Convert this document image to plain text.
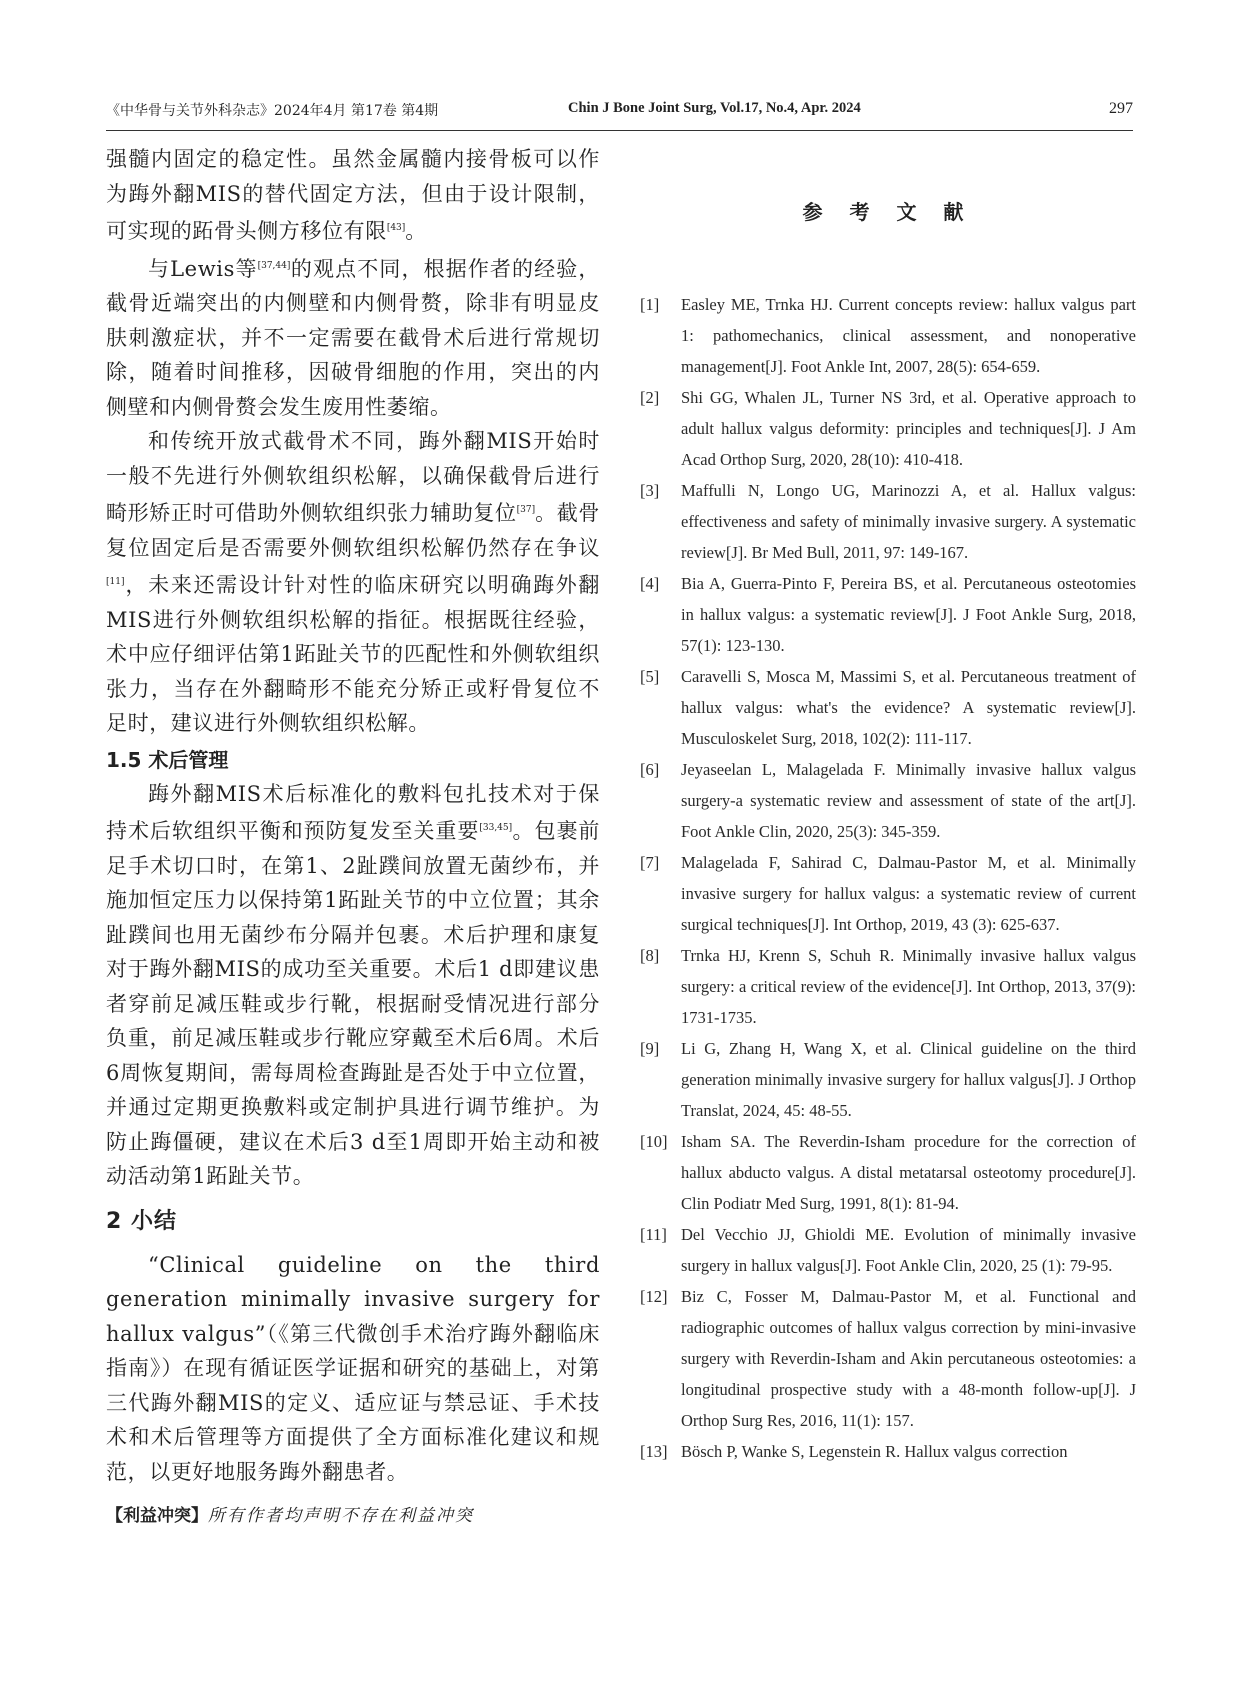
《中华骨与关节外科杂志》2024年4月 第17卷 第4期	Chin J Bone Joint Surg, Vol.17, No.4, Apr. 2024	297

强髓内固定的稳定性。虽然金属髓内接骨板可以作为踇外翻MIS的替代固定方法，但由于设计限制，可实现的跖骨头侧方移位有限[43]。

与Lewis等[37,44]的观点不同，根据作者的经验，截骨近端突出的内侧壁和内侧骨赘，除非有明显皮肤刺激症状，并不一定需要在截骨术后进行常规切除，随着时间推移，因破骨细胞的作用，突出的内侧壁和内侧骨赘会发生废用性萎缩。

和传统开放式截骨术不同，踇外翻MIS开始时一般不先进行外侧软组织松解，以确保截骨后进行畸形矫正时可借助外侧软组织张力辅助复位[37]。截骨复位固定后是否需要外侧软组织松解仍然存在争议[11]，未来还需设计针对性的临床研究以明确踇外翻MIS进行外侧软组织松解的指征。根据既往经验，术中应仔细评估第1跖趾关节的匹配性和外侧软组织张力，当存在外翻畸形不能充分矫正或籽骨复位不足时，建议进行外侧软组织松解。

1.5 术后管理

踇外翻MIS术后标准化的敷料包扎技术对于保持术后软组织平衡和预防复发至关重要[33,45]。包裹前足手术切口时，在第1、2趾蹼间放置无菌纱布，并施加恒定压力以保持第1跖趾关节的中立位置；其余趾蹼间也用无菌纱布分隔并包裹。术后护理和康复对于踇外翻MIS的成功至关重要。术后1 d即建议患者穿前足减压鞋或步行靴，根据耐受情况进行部分负重，前足减压鞋或步行靴应穿戴至术后6周。术后6周恢复期间，需每周检查踇趾是否处于中立位置，并通过定期更换敷料或定制护具进行调节维护。为防止踇僵硬，建议在术后3 d至1周即开始主动和被动活动第1跖趾关节。

2 小结

“Clinical guideline on the third generation minimally invasive surgery for hallux valgus”（《第三代微创手术治疗踇外翻临床指南》）在现有循证医学证据和研究的基础上，对第三代踇外翻MIS的定义、适应证与禁忌证、手术技术和术后管理等方面提供了全方面标准化建议和规范，以更好地服务踇外翻患者。

【利益冲突】所有作者均声明不存在利益冲突
参 考 文 献
[1] Easley ME, Trnka HJ. Current concepts review: hallux valgus part 1: pathomechanics, clinical assessment, and nonoperative management[J]. Foot Ankle Int, 2007, 28(5): 654-659.
[2] Shi GG, Whalen JL, Turner NS 3rd, et al. Operative approach to adult hallux valgus deformity: principles and techniques[J]. J Am Acad Orthop Surg, 2020, 28(10): 410-418.
[3] Maffulli N, Longo UG, Marinozzi A, et al. Hallux valgus: effectiveness and safety of minimally invasive surgery. A systematic review[J]. Br Med Bull, 2011, 97: 149-167.
[4] Bia A, Guerra-Pinto F, Pereira BS, et al. Percutaneous osteotomies in hallux valgus: a systematic review[J]. J Foot Ankle Surg, 2018, 57(1): 123-130.
[5] Caravelli S, Mosca M, Massimi S, et al. Percutaneous treatment of hallux valgus: what's the evidence? A systematic review[J]. Musculoskelet Surg, 2018, 102(2): 111-117.
[6] Jeyaseelan L, Malagelada F. Minimally invasive hallux valgus surgery-a systematic review and assessment of state of the art[J]. Foot Ankle Clin, 2020, 25(3): 345-359.
[7] Malagelada F, Sahirad C, Dalmau-Pastor M, et al. Minimally invasive surgery for hallux valgus: a systematic review of current surgical techniques[J]. Int Orthop, 2019, 43 (3): 625-637.
[8] Trnka HJ, Krenn S, Schuh R. Minimally invasive hallux valgus surgery: a critical review of the evidence[J]. Int Orthop, 2013, 37(9): 1731-1735.
[9] Li G, Zhang H, Wang X, et al. Clinical guideline on the third generation minimally invasive surgery for hallux valgus[J]. J Orthop Translat, 2024, 45: 48-55.
[10] Isham SA. The Reverdin-Isham procedure for the correction of hallux abducto valgus. A distal metatarsal osteotomy procedure[J]. Clin Podiatr Med Surg, 1991, 8(1): 81-94.
[11] Del Vecchio JJ, Ghioldi ME. Evolution of minimally invasive surgery in hallux valgus[J]. Foot Ankle Clin, 2020, 25 (1): 79-95.
[12] Biz C, Fosser M, Dalmau-Pastor M, et al. Functional and radiographic outcomes of hallux valgus correction by mini-invasive surgery with Reverdin-Isham and Akin percutaneous osteotomies: a longitudinal prospective study with a 48-month follow-up[J]. J Orthop Surg Res, 2016, 11(1): 157.
[13] Bösch P, Wanke S, Legenstein R. Hallux valgus correction
